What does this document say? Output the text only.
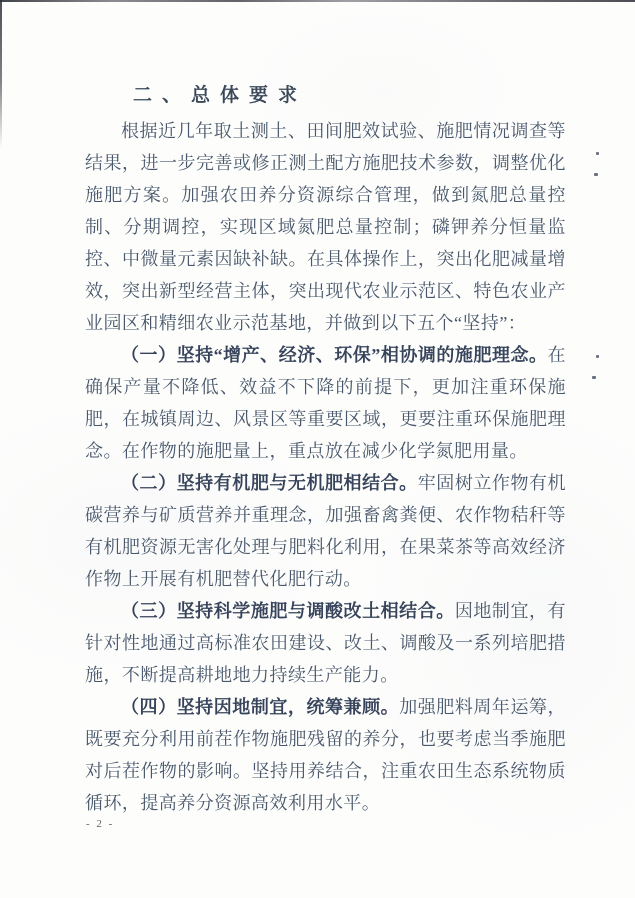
二、总体要求

根据近几年取土测土、田间肥效试验、施肥情况调查等结果，进一步完善或修正测土配方施肥技术参数，调整优化施肥方案。加强农田养分资源综合管理，做到氮肥总量控制、分期调控，实现区域氮肥总量控制；磷钾养分恒量监控、中微量元素因缺补缺。在具体操作上，突出化肥减量增效，突出新型经营主体，突出现代农业示范区、特色农业产业园区和精细农业示范基地，并做到以下五个“坚持”：

（一）坚持“增产、经济、环保”相协调的施肥理念。在确保产量不降低、效益不下降的前提下，更加注重环保施肥，在城镇周边、风景区等重要区域，更要注重环保施肥理念。在作物的施肥量上，重点放在减少化学氮肥用量。

（二）坚持有机肥与无机肥相结合。牢固树立作物有机碳营养与矿质营养并重理念，加强畜禽粪便、农作物秸秆等有机肥资源无害化处理与肥料化利用，在果菜茶等高效经济作物上开展有机肥替代化肥行动。

（三）坚持科学施肥与调酸改土相结合。因地制宜，有针对性地通过高标准农田建设、改土、调酸及一系列培肥措施，不断提高耕地地力持续生产能力。

（四）坚持因地制宜，统筹兼顾。加强肥料周年运筹，既要充分利用前茬作物施肥残留的养分，也要考虑当季施肥对后茬作物的影响。坚持用养结合，注重农田生态系统物质循环，提高养分资源高效利用水平。

- 2 -
